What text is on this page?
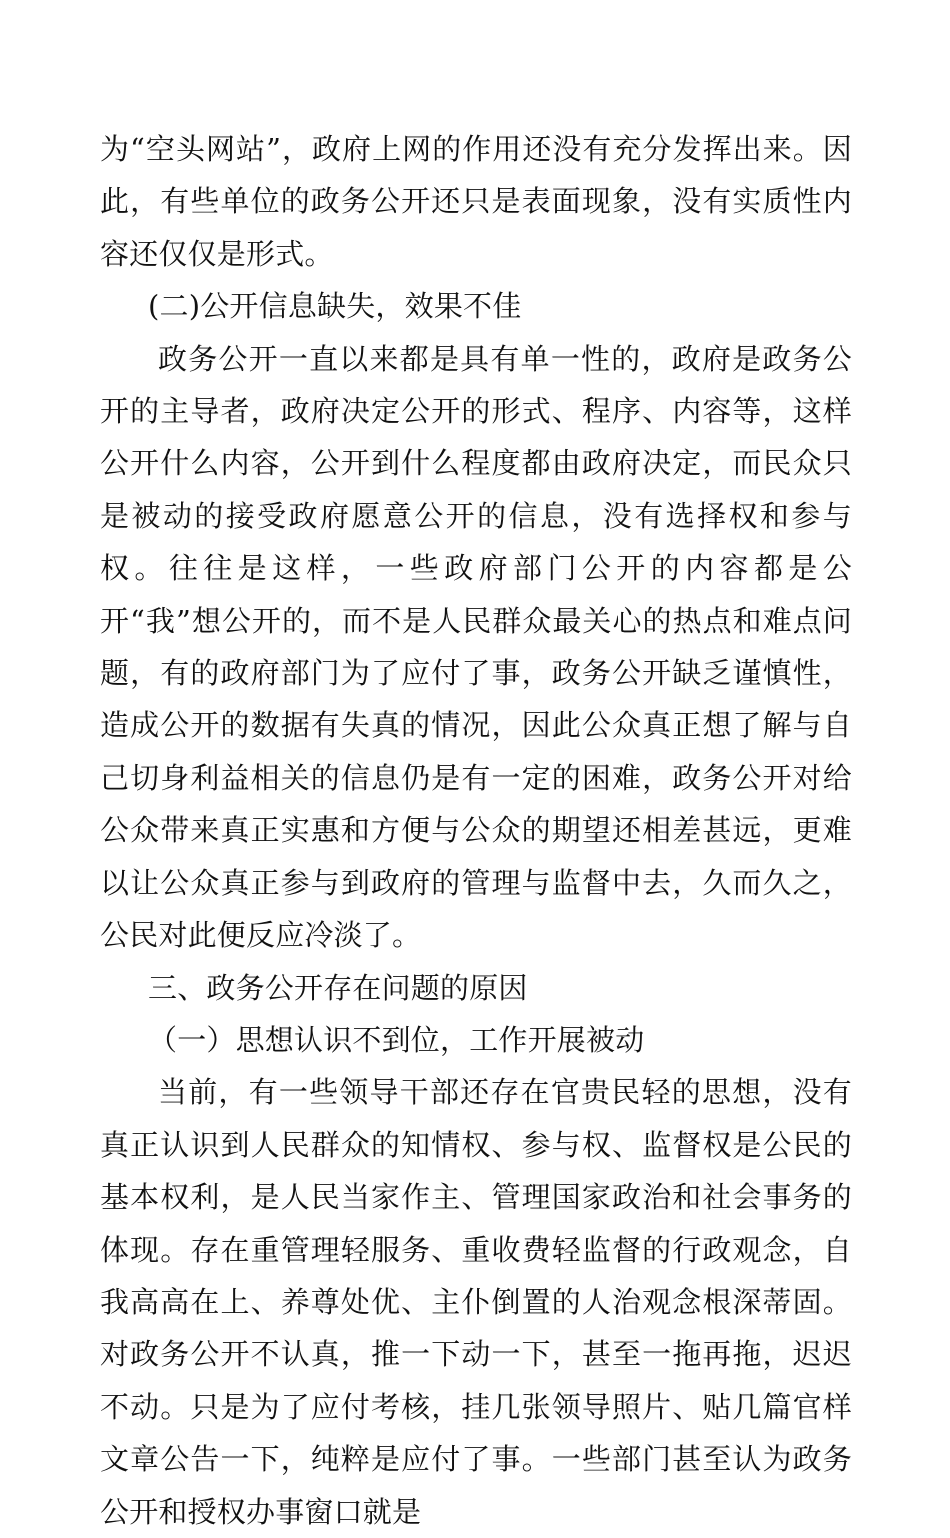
为“空头网站”，政府上网的作用还没有充分发挥出来。因此，有些单位的政务公开还只是表面现象，没有实质性内容还仅仅是形式。

(二)公开信息缺失，效果不佳

政务公开一直以来都是具有单一性的，政府是政务公开的主导者，政府决定公开的形式、程序、内容等，这样公开什么内容，公开到什么程度都由政府决定，而民众只是被动的接受政府愿意公开的信息，没有选择权和参与权。往往是这样，一些政府部门公开的内容都是公开“我”想公开的，而不是人民群众最关心的热点和难点问题，有的政府部门为了应付了事，政务公开缺乏谨慎性，造成公开的数据有失真的情况，因此公众真正想了解与自己切身利益相关的信息仍是有一定的困难，政务公开对给公众带来真正实惠和方便与公众的期望还相差甚远，更难以让公众真正参与到政府的管理与监督中去，久而久之，公民对此便反应冷淡了。

三、政务公开存在问题的原因

（一）思想认识不到位，工作开展被动

当前，有一些领导干部还存在官贵民轻的思想，没有真正认识到人民群众的知情权、参与权、监督权是公民的基本权利，是人民当家作主、管理国家政治和社会事务的体现。存在重管理轻服务、重收费轻监督的行政观念，自我高高在上、养尊处优、主仆倒置的人治观念根深蒂固。对政务公开不认真，推一下动一下，甚至一拖再拖，迟迟不动。只是为了应付考核，挂几张领导照片、贴几篇官样文章公告一下，纯粹是应付了事。一些部门甚至认为政务公开和授权办事窗口就是
